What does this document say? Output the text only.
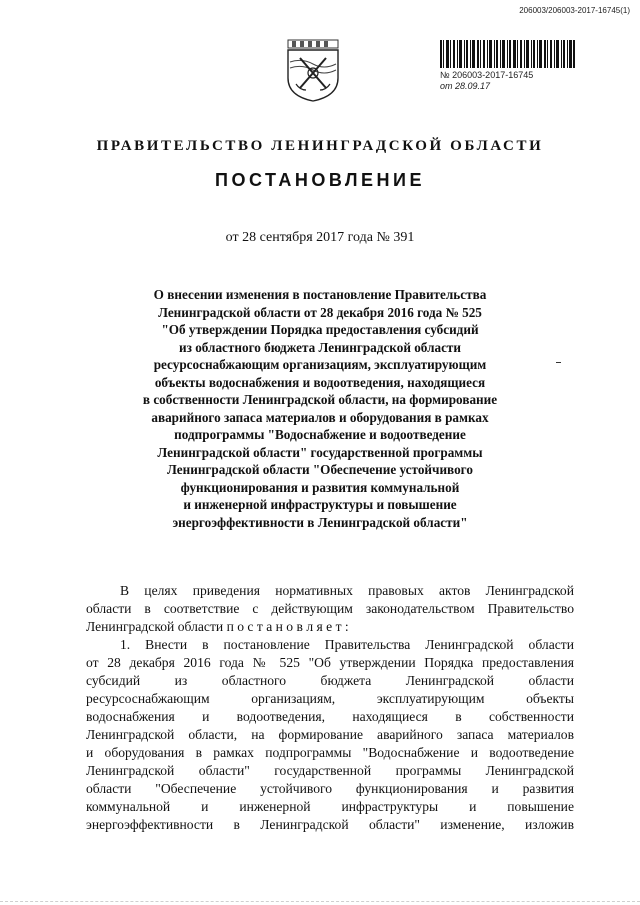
206003/206003-2017-16745(1)
№ 206003-2017-16745
от 28.09.17
ПРАВИТЕЛЬСТВО ЛЕНИНГРАДСКОЙ ОБЛАСТИ
ПОСТАНОВЛЕНИЕ
от 28 сентября 2017 года № 391
О внесении изменения в постановление Правительства
Ленинградской области от 28 декабря 2016 года № 525
"Об утверждении Порядка предоставления субсидий
из областного бюджета Ленинградской области
ресурсоснабжающим организациям, эксплуатирующим
объекты водоснабжения и водоотведения, находящиеся
в собственности Ленинградской области, на формирование
аварийного запаса материалов и оборудования в рамках
подпрограммы "Водоснабжение и водоотведение
Ленинградской области" государственной программы
Ленинградской области "Обеспечение устойчивого
функционирования и развития коммунальной
и инженерной инфраструктуры и повышение
энергоэффективности в Ленинградской области"
В целях приведения нормативных правовых актов Ленинградской
области в соответствие с действующим законодательством Правительство
Ленинградской области п о с т а н о в л я е т :
1. Внести в постановление Правительства Ленинградской области
от 28 декабря 2016 года № 525 "Об утверждении Порядка предоставления
субсидий из областного бюджета Ленинградской области
ресурсоснабжающим организациям, эксплуатирующим объекты
водоснабжения и водоотведения, находящиеся в собственности
Ленинградской области, на формирование аварийного запаса материалов
и оборудования в рамках подпрограммы "Водоснабжение и водоотведение
Ленинградской области" государственной программы Ленинградской
области "Обеспечение устойчивого функционирования и развития
коммунальной и инженерной инфраструктуры и повышение
энергоэффективности в Ленинградской области" изменение, изложив
